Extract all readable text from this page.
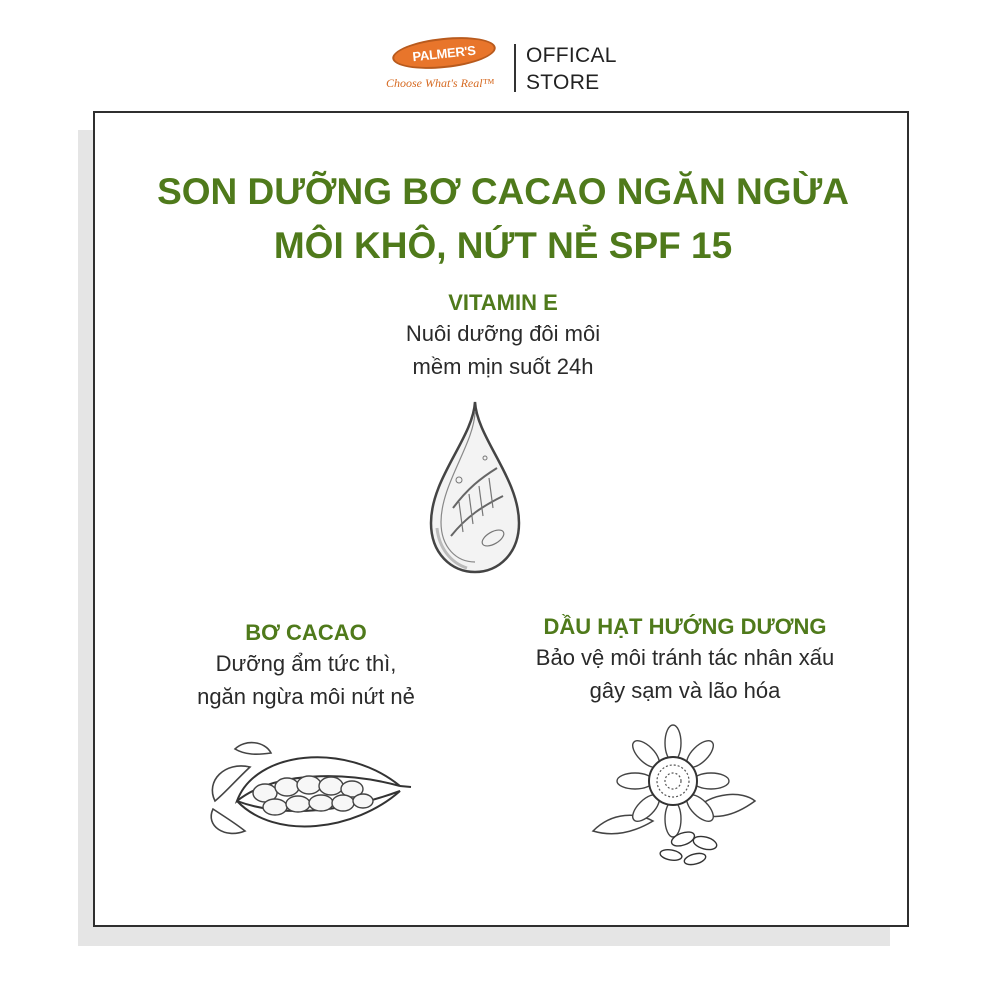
PALMER'S
Choose What's Real™
OFFICAL
STORE
SON DƯỠNG BƠ CACAO NGĂN NGỪA
MÔI KHÔ, NỨT NẺ SPF 15
VITAMIN E
Nuôi dưỡng đôi môi
mềm mịn suốt 24h
BƠ CACAO
Dưỡng ẩm tức thì,
ngăn ngừa môi nứt nẻ
DẦU HẠT HƯỚNG DƯƠNG
Bảo vệ môi tránh tác nhân xấu
gây sạm và lão hóa
